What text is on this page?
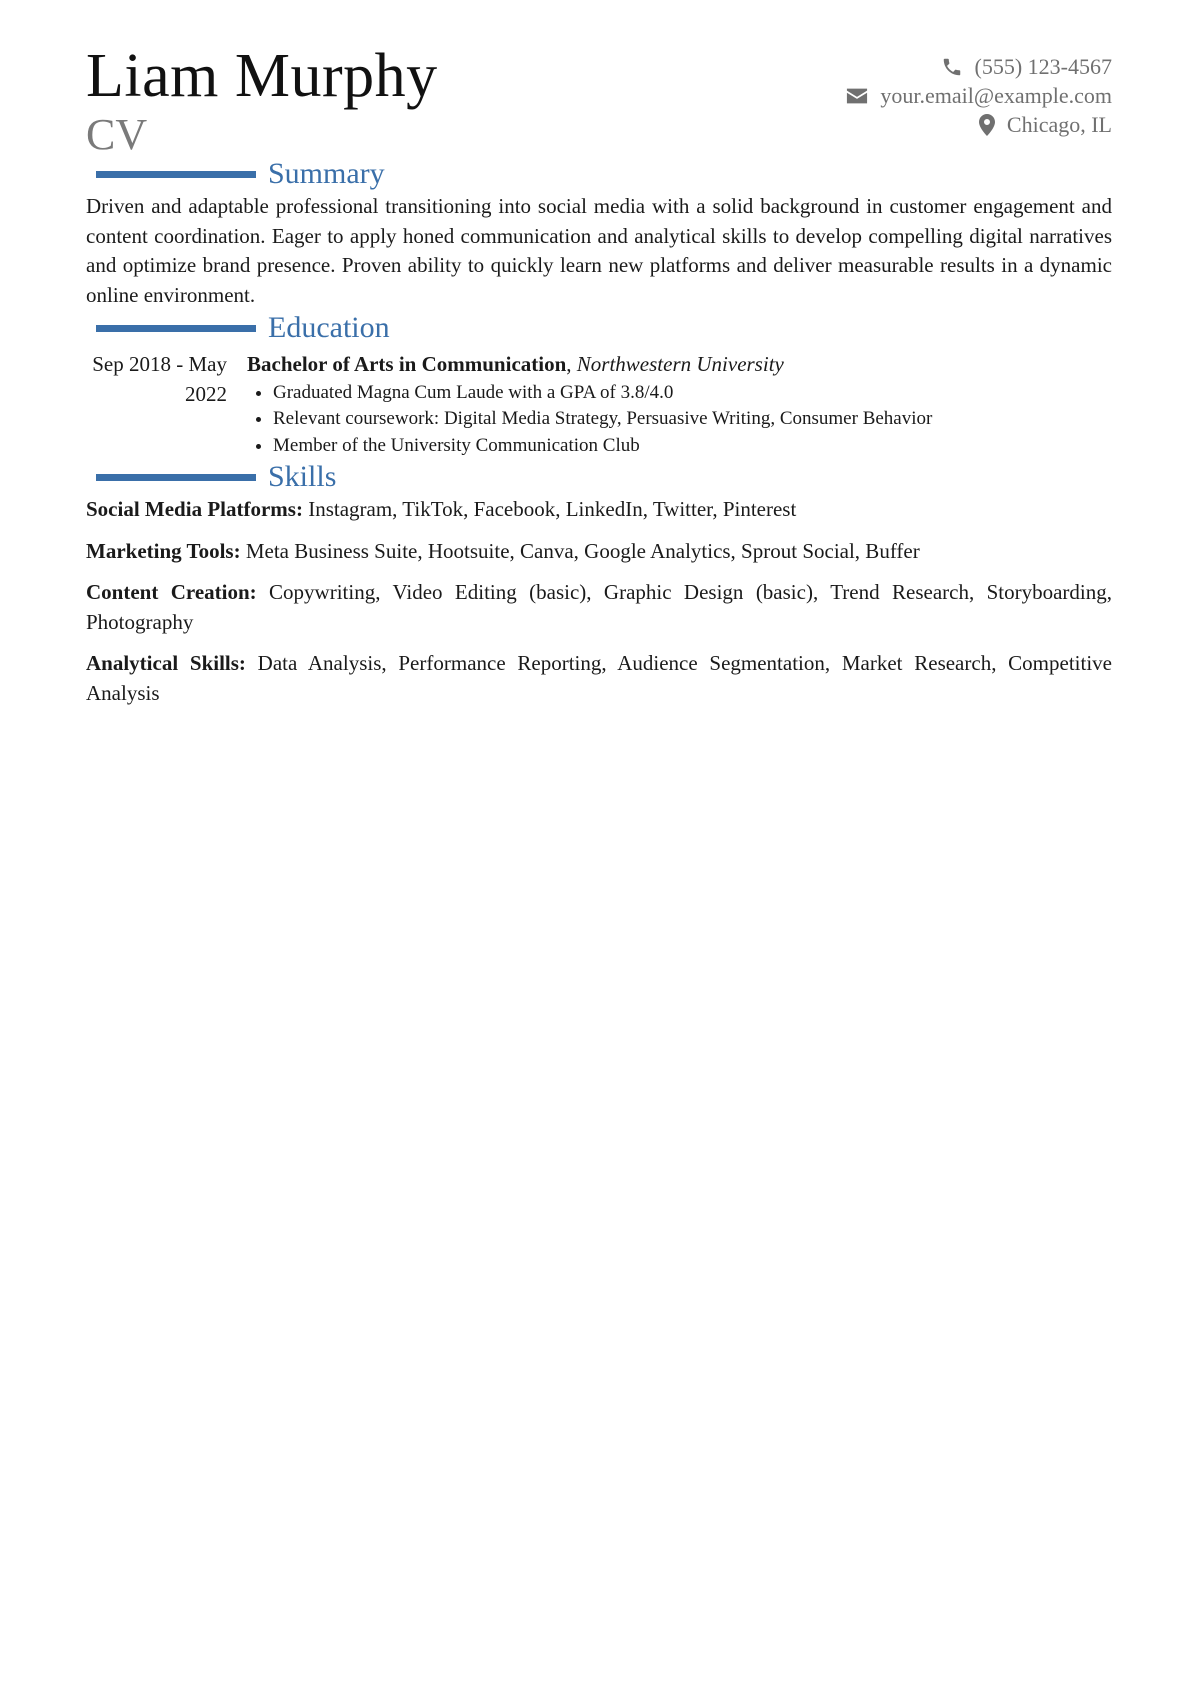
Liam Murphy
CV
(555) 123-4567
your.email@example.com
Chicago, IL
Summary

Driven and adaptable professional transitioning into social media with a solid background in customer engagement and content coordination. Eager to apply honed communication and analytical skills to develop compelling digital narratives and optimize brand presence. Proven ability to quickly learn new platforms and deliver measurable results in a dynamic online environment.

Education
Sep 2018 - May 2022
Bachelor of Arts in Communication, Northwestern University
• Graduated Magna Cum Laude with a GPA of 3.8/4.0
• Relevant coursework: Digital Media Strategy, Persuasive Writing, Consumer Behavior
• Member of the University Communication Club
Skills

Social Media Platforms: Instagram, TikTok, Facebook, LinkedIn, Twitter, Pinterest

Marketing Tools: Meta Business Suite, Hootsuite, Canva, Google Analytics, Sprout Social, Buffer

Content Creation: Copywriting, Video Editing (basic), Graphic Design (basic), Trend Research, Storyboarding, Photography

Analytical Skills: Data Analysis, Performance Reporting, Audience Segmentation, Market Research, Competitive Analysis
